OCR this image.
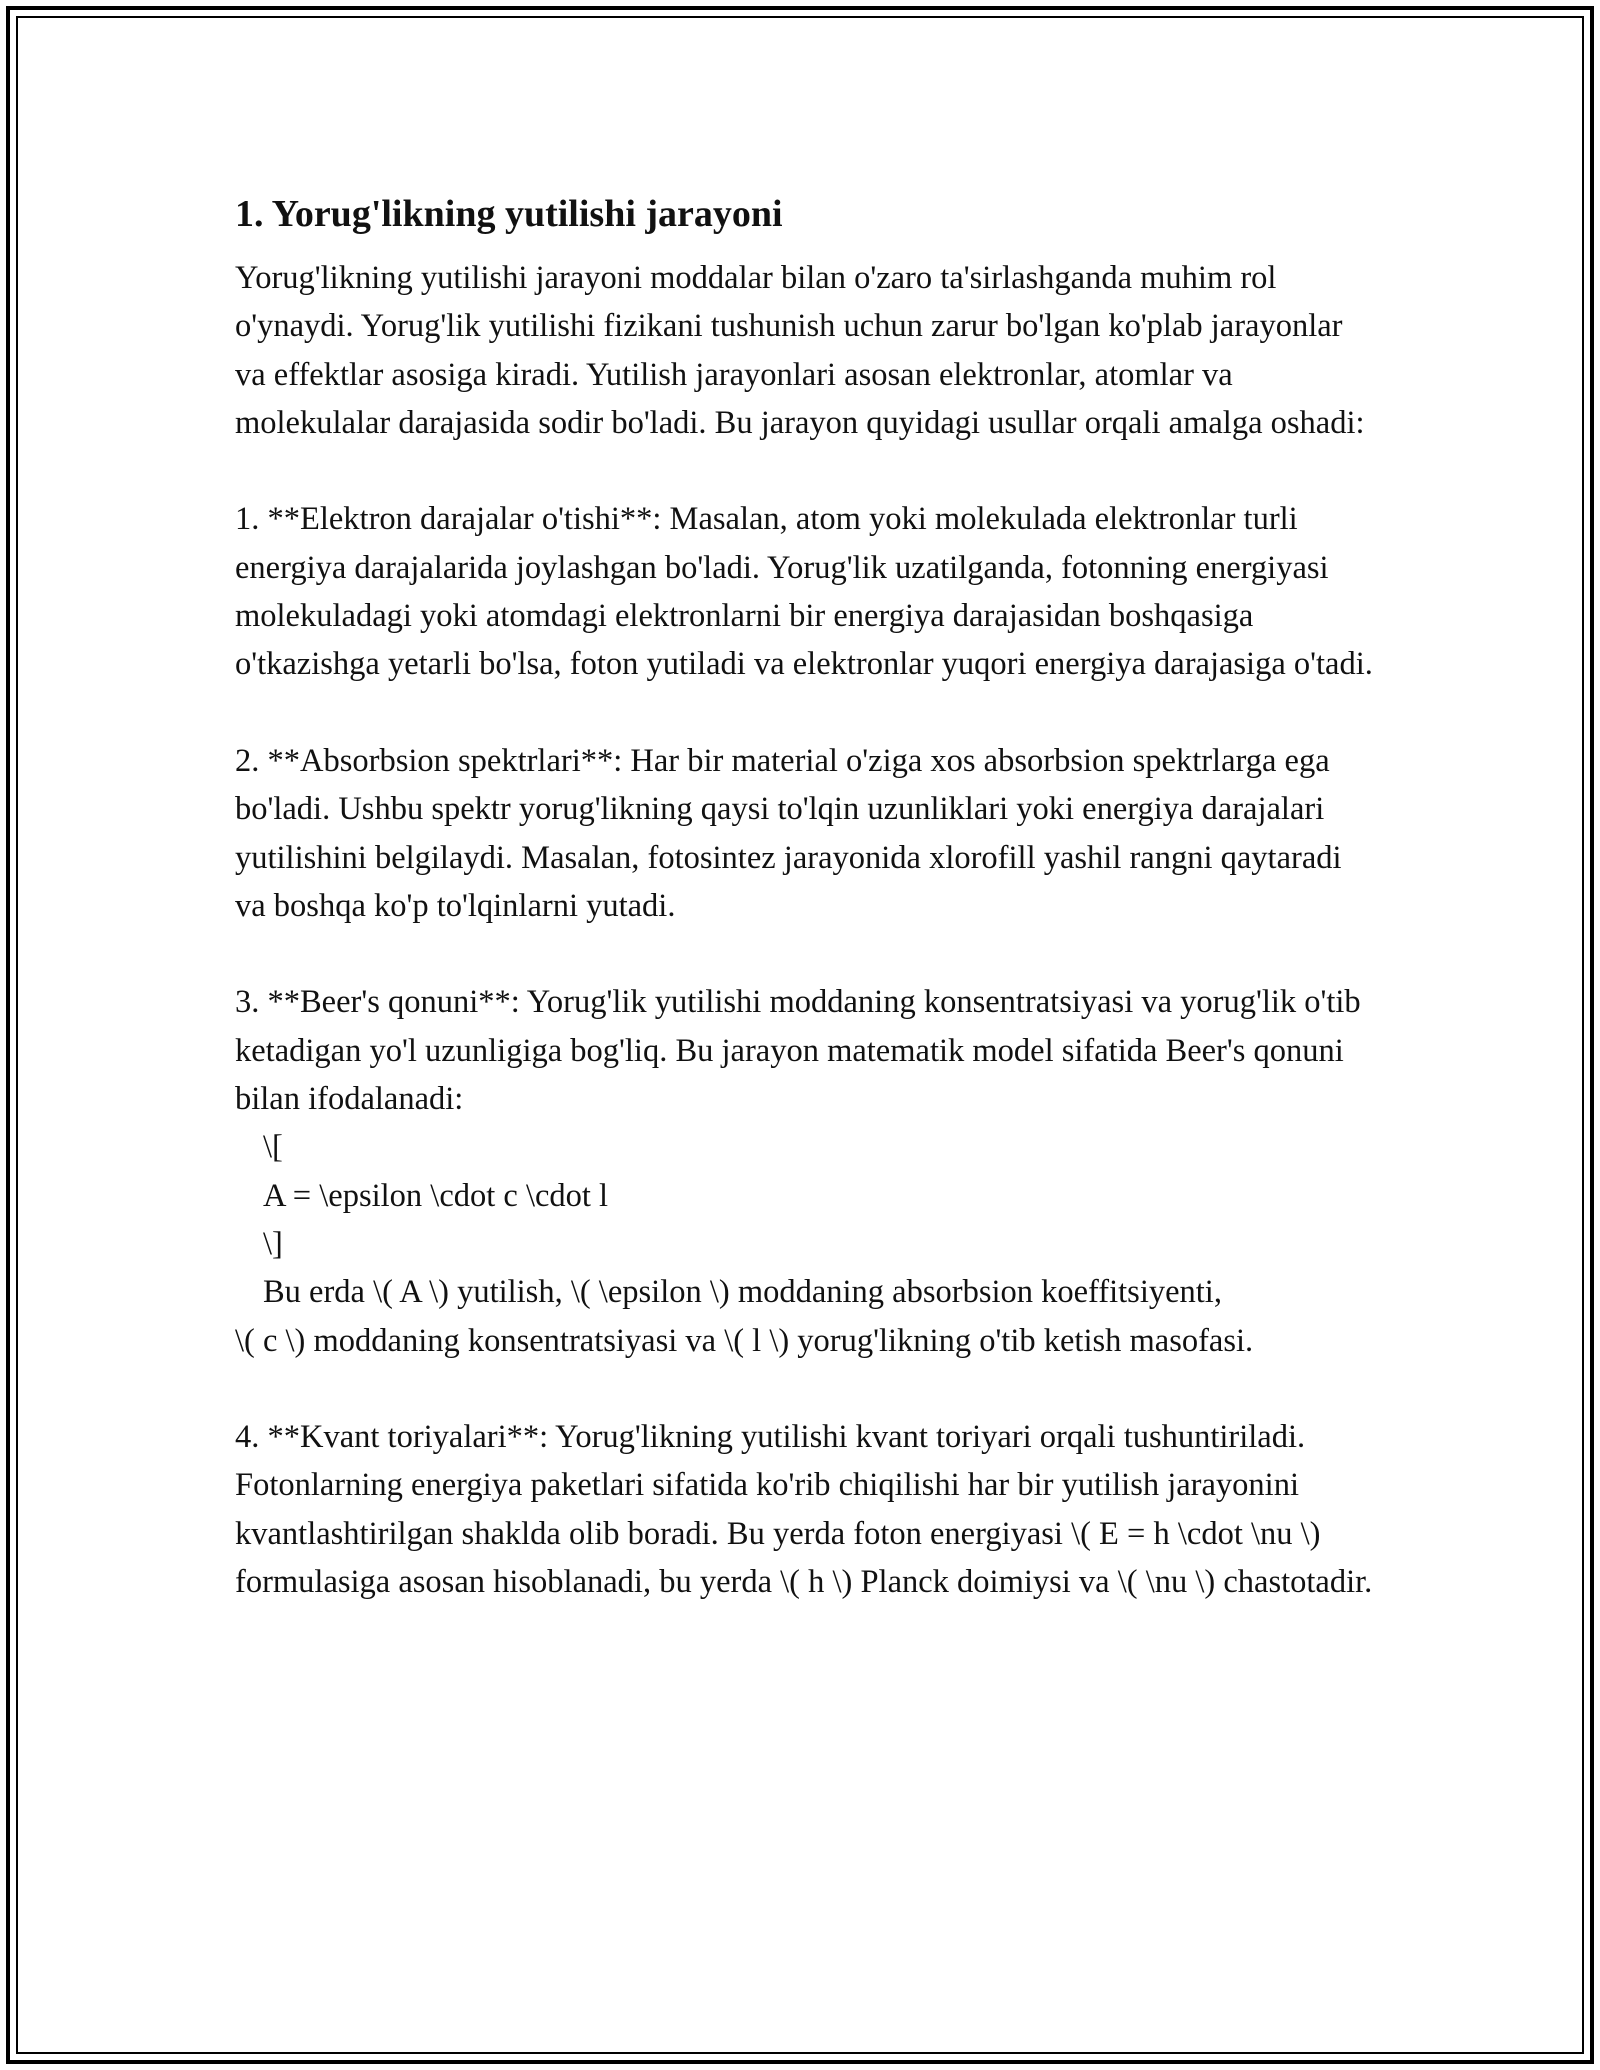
1. Yorug'likning yutilishi jarayoni

Yorug'likning yutilishi jarayoni moddalar bilan o'zaro ta'sirlashganda muhim rol o'ynaydi. Yorug'lik yutilishi fizikani tushunish uchun zarur bo'lgan ko'plab jarayonlar va effektlar asosiga kiradi. Yutilish jarayonlari asosan elektronlar, atomlar va molekulalar darajasida sodir bo'ladi. Bu jarayon quyidagi usullar orqali amalga oshadi:

1. **Elektron darajalar o'tishi**: Masalan, atom yoki molekulada elektronlar turli energiya darajalarida joylashgan bo'ladi. Yorug'lik uzatilganda, fotonning energiyasi molekuladagi yoki atomdagi elektronlarni bir energiya darajasidan boshqasiga o'tkazishga yetarli bo'lsa, foton yutiladi va elektronlar yuqori energiya darajasiga o'tadi.

2. **Absorbsion spektrlari**: Har bir material o'ziga xos absorbsion spektrlarga ega bo'ladi. Ushbu spektr yorug'likning qaysi to'lqin uzunliklari yoki energiya darajalari yutilishini belgilaydi. Masalan, fotosintez jarayonida xlorofill yashil rangni qaytaradi va boshqa ko'p to'lqinlarni yutadi.

3. **Beer's qonuni**: Yorug'lik yutilishi moddaning konsentratsiyasi va yorug'lik o'tib ketadigan yo'l uzunligiga bog'liq. Bu jarayon matematik model sifatida Beer's qonuni bilan ifodalanadi:

\[

A = \epsilon \cdot c \cdot l

\]

Bu erda \( A \) yutilish, \( \epsilon \) moddaning absorbsion koeffitsiyenti,

\( c \) moddaning konsentratsiyasi va \( l \) yorug'likning o'tib ketish masofasi.

4. **Kvant toriyalari**: Yorug'likning yutilishi kvant toriyari orqali tushuntiriladi. Fotonlarning energiya paketlari sifatida ko'rib chiqilishi har bir yutilish jarayonini kvantlashtirilgan shaklda olib boradi. Bu yerda foton energiyasi \( E = h \cdot \nu \) formulasiga asosan hisoblanadi, bu yerda \( h \) Planck doimiysi va \( \nu \) chastotadir.
